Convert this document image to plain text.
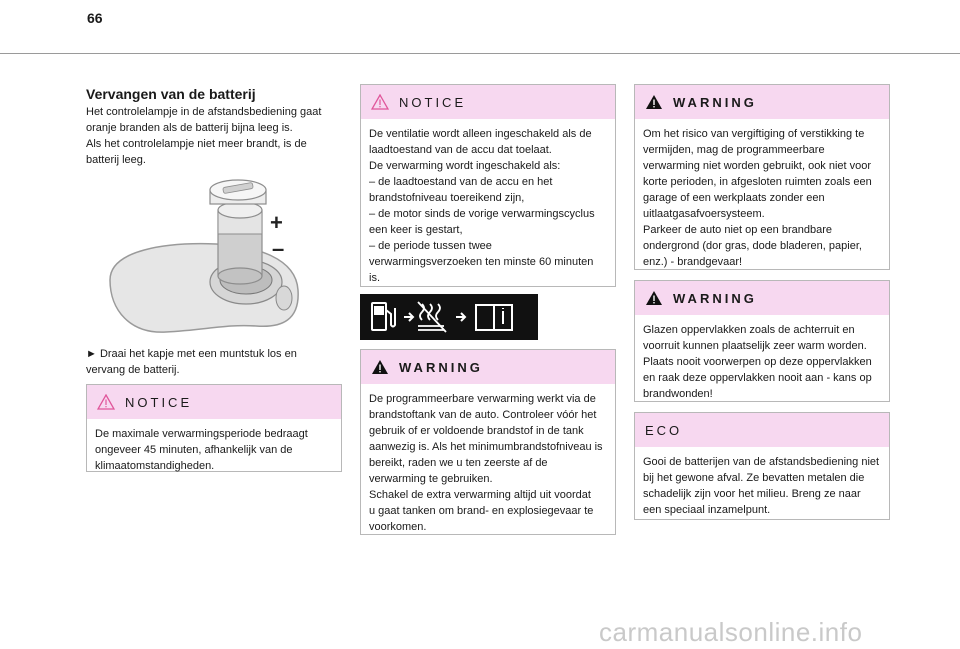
66
Vervangen van de batterij
Het controlelampje in de afstandsbediening gaat
oranje branden als de batterij bijna leeg is.
Als het controlelampje niet meer brandt, is de
batterij leeg.
+
–
► Draai het kapje met een muntstuk los en
vervang de batterij.
NOTICE
De maximale verwarmingsperiode bedraagt
ongeveer 45 minuten, afhankelijk van de
klimaatomstandigheden.
NOTICE
De ventilatie wordt alleen ingeschakeld als de
laadtoestand van de accu dat toelaat.
De verwarming wordt ingeschakeld als:
– de laadtoestand van de accu en het
brandstofniveau toereikend zijn,
– de motor sinds de vorige verwarmingscyclus
een keer is gestart,
– de periode tussen twee
verwarmingsverzoeken ten minste 60 minuten
is.
WARNING
De programmeerbare verwarming werkt via de
brandstoftank van de auto. Controleer vóór het
gebruik of er voldoende brandstof in de tank
aanwezig is. Als het minimumbrandstofniveau is
bereikt, raden we u ten zeerste af de
verwarming te gebruiken.
Schakel de extra verwarming altijd uit voordat
u gaat tanken om brand- en explosiegevaar te
voorkomen.
WARNING
Om het risico van vergiftiging of verstikking te
vermijden, mag de programmeerbare
verwarming niet worden gebruikt, ook niet voor
korte perioden, in afgesloten ruimten zoals een
garage of een werkplaats zonder een
uitlaatgasafvoersysteem.
Parkeer de auto niet op een brandbare
ondergrond (dor gras, dode bladeren, papier,
enz.) - brandgevaar!
WARNING
Glazen oppervlakken zoals de achterruit en
voorruit kunnen plaatselijk zeer warm worden.
Plaats nooit voorwerpen op deze oppervlakken
en raak deze oppervlakken nooit aan - kans op
brandwonden!
ECO
Gooi de batterijen van de afstandsbediening niet
bij het gewone afval. Ze bevatten metalen die
schadelijk zijn voor het milieu. Breng ze naar
een speciaal inzamelpunt.
carmanualsonline.info
